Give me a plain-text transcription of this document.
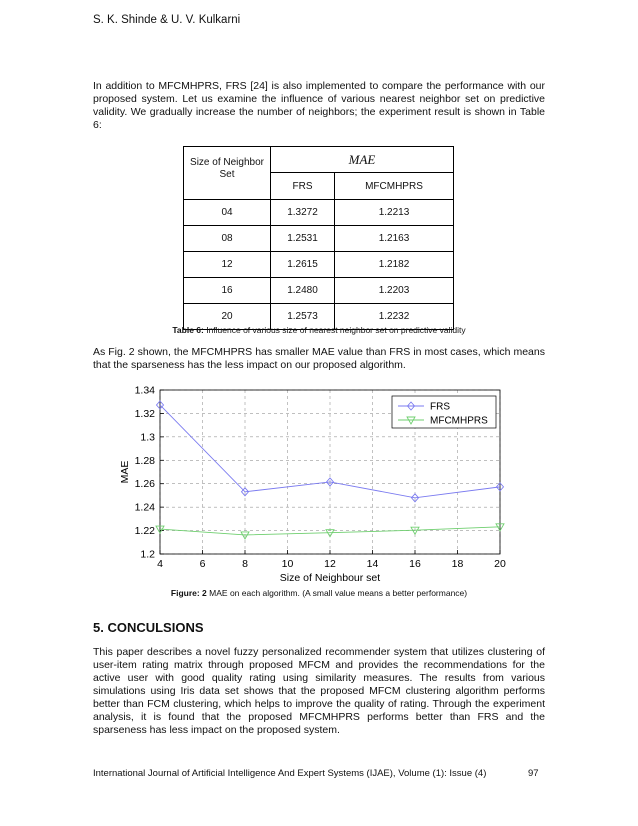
S. K. Shinde & U. V. Kulkarni
In addition to MFCMHPRS, FRS [24] is also implemented to compare the performance with our proposed system. Let us examine the influence of various nearest neighbor set on predictive validity. We gradually increase the number of neighbors; the experiment result is shown in Table 6:
Size of Neighbor Set	MAE	
	FRS	MFCMHPRS
04	1.3272	1.2213
08	1.2531	1.2163
12	1.2615	1.2182
16	1.2480	1.2203
20	1.2573	1.2232
Table 6: Influence of various size of nearest neighbor set on predictive validity
As Fig. 2 shown, the MFCMHPRS has smaller MAE value than FRS in most cases, which means that the sparseness has the less impact on our proposed algorithm.
4	6	8	10	12	14	16	18	20
1.2
1.22
1.24
1.26
1.28
1.3
1.32
1.34
Size of Neighbour set
MAE
FRS
MFCMHPRS
Figure: 2 MAE on each algorithm. (A small value means a better performance)
5. CONCULSIONS
This paper describes a novel fuzzy personalized recommender system that utilizes clustering of user-item rating matrix through proposed MFCM and provides the recommendations for the active user with good quality rating using similarity measures. The results from various simulations using Iris data set shows that the proposed MFCM clustering algorithm performs better than FCM clustering, which helps to improve the quality of rating. Through the experiment analysis, it is found that the proposed MFCMHPRS performs better than FRS and the sparseness has less impact on the proposed system.
International Journal of Artificial Intelligence And Expert Systems (IJAE), Volume (1): Issue (4)	97
